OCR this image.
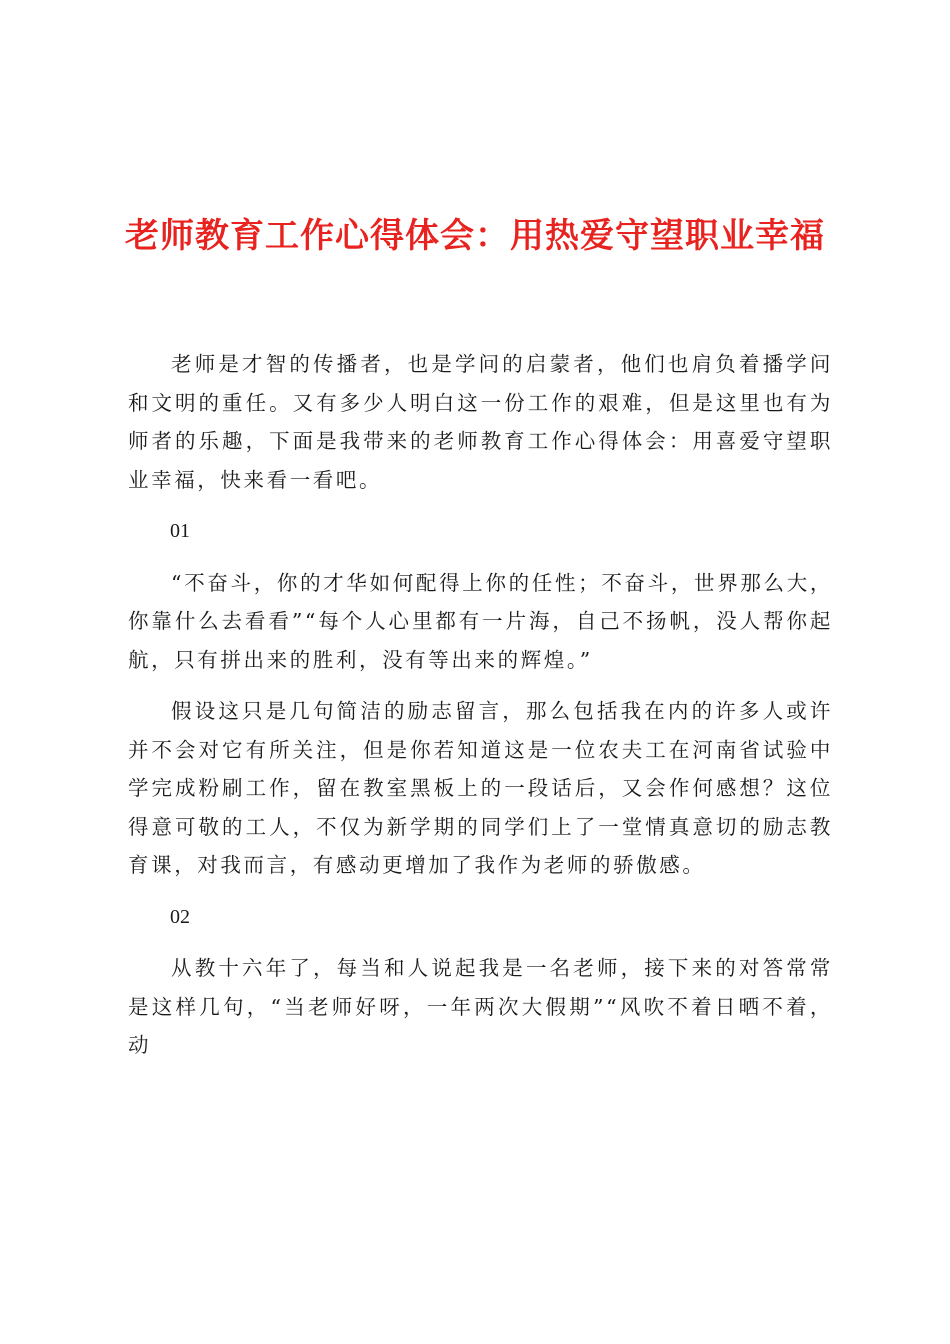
老师教育工作心得体会：用热爱守望职业幸福

老师是才智的传播者，也是学问的启蒙者，他们也肩负着播学问和文明的重任。又有多少人明白这一份工作的艰难，但是这里也有为师者的乐趣，下面是我带来的老师教育工作心得体会：用喜爱守望职业幸福，快来看一看吧。

01

“不奋斗，你的才华如何配得上你的任性；不奋斗，世界那么大，你靠什么去看看”“每个人心里都有一片海，自己不扬帆，没人帮你起航，只有拼出来的胜利，没有等出来的辉煌。”

假设这只是几句简洁的励志留言，那么包括我在内的许多人或许并不会对它有所关注，但是你若知道这是一位农夫工在河南省试验中学完成粉刷工作，留在教室黑板上的一段话后，又会作何感想？这位得意可敬的工人，不仅为新学期的同学们上了一堂情真意切的励志教育课，对我而言，有感动更增加了我作为老师的骄傲感。

02

从教十六年了，每当和人说起我是一名老师，接下来的对答常常是这样几句，“当老师好呀，一年两次大假期”“风吹不着日晒不着，动
